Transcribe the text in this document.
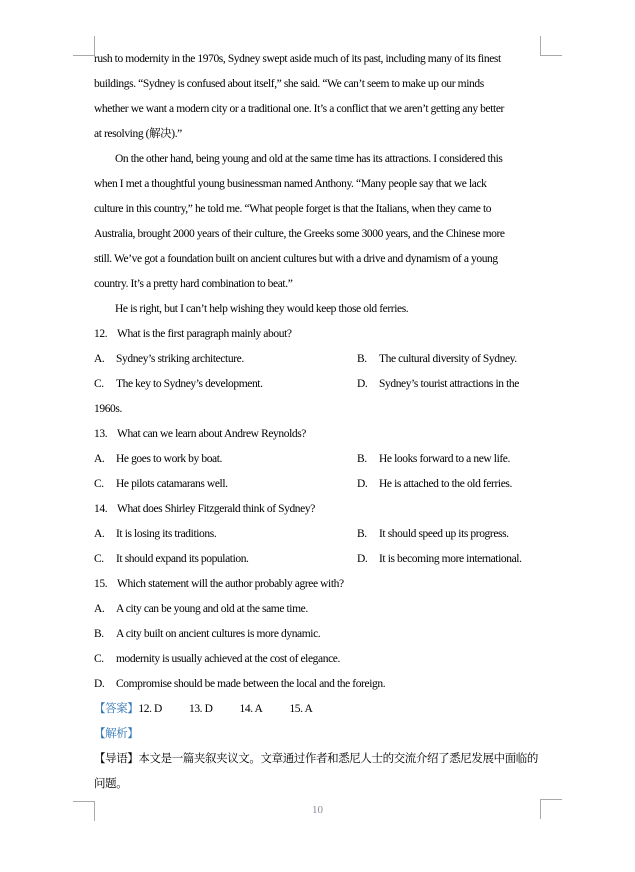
rush to modernity in the 1970s, Sydney swept aside much of its past, including many of its finest
buildings. “Sydney is confused about itself,” she said. “We can’t seem to make up our minds
whether we want a modern city or a traditional one. It’s a conflict that we aren’t getting any better
at resolving (解决).”
On the other hand, being young and old at the same time has its attractions. I considered this
when I met a thoughtful young businessman named Anthony. “Many people say that we lack
culture in this country,” he told me. “What people forget is that the Italians, when they came to
Australia, brought 2000 years of their culture, the Greeks some 3000 years, and the Chinese more
still. We’ve got a foundation built on ancient cultures but with a drive and dynamism of a young
country. It’s a pretty hard combination to beat.”
He is right, but I can’t help wishing they would keep those old ferries.
12. What is the first paragraph mainly about?
A. Sydney’s striking architecture.	B. The cultural diversity of Sydney.
C. The key to Sydney’s development.	D. Sydney’s tourist attractions in the
1960s.
13. What can we learn about Andrew Reynolds?
A. He goes to work by boat.	B. He looks forward to a new life.
C. He pilots catamarans well.	D. He is attached to the old ferries.
14. What does Shirley Fitzgerald think of Sydney?
A. It is losing its traditions.	B. It should speed up its progress.
C. It should expand its population.	D. It is becoming more international.
15. Which statement will the author probably agree with?
A. A city can be young and old at the same time.
B. A city built on ancient cultures is more dynamic.
C. modernity is usually achieved at the cost of elegance.
D. Compromise should be made between the local and the foreign.
【答案】12. D 13. D 14. A 15. A
【解析】
【导语】本文是一篇夹叙夹议文。文章通过作者和悉尼人士的交流介绍了悉尼发展中面临的
问题。
10
